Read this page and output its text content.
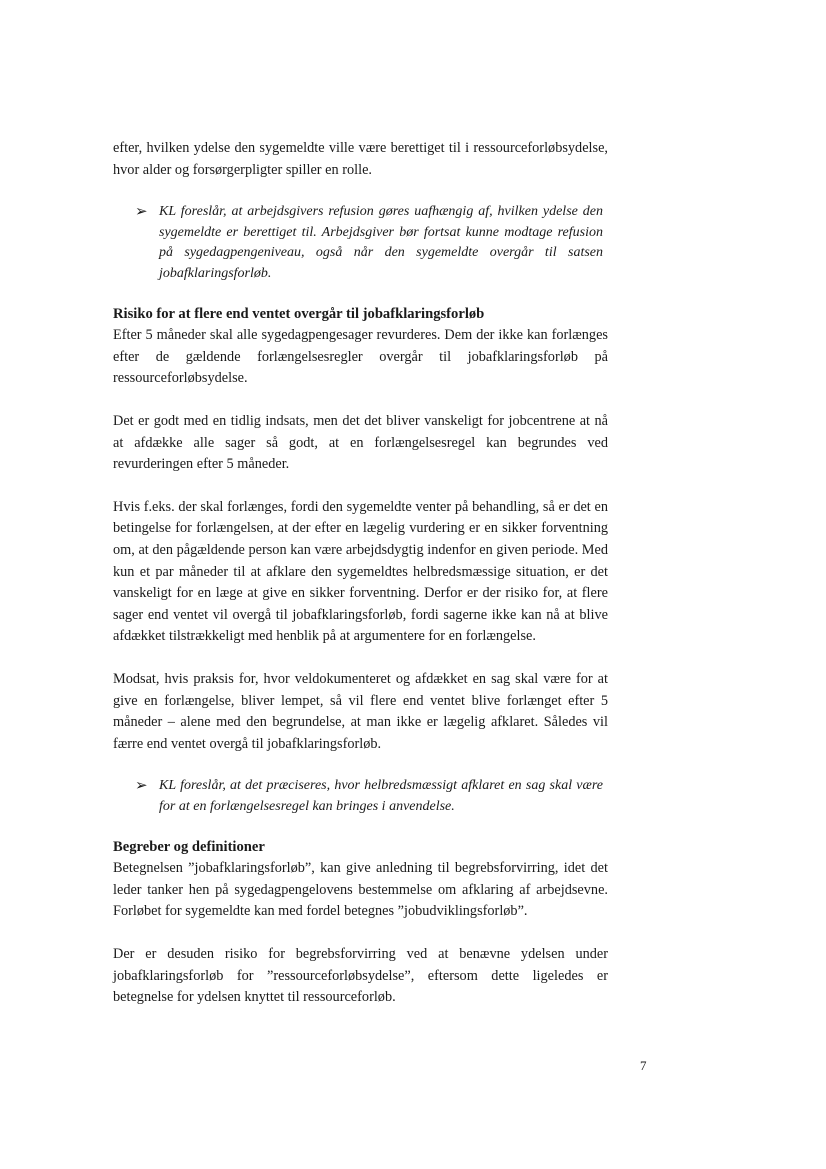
efter, hvilken ydelse den sygemeldte ville være berettiget til i ressourceforløbsydelse, hvor alder og forsørgerpligter spiller en rolle.

➢ KL foreslår, at arbejdsgivers refusion gøres uafhængig af, hvilken ydelse den sygemeldte er berettiget til. Arbejdsgiver bør fortsat kunne modtage refusion på sygedagpengeniveau, også når den sygemeldte overgår til satsen jobafklaringsforløb.
Risiko for at flere end ventet overgår til jobafklaringsforløb

Efter 5 måneder skal alle sygedagpengesager revurderes. Dem der ikke kan forlænges efter de gældende forlængelsesregler overgår til jobafklaringsforløb på ressourceforløbsydelse.

Det er godt med en tidlig indsats, men det det bliver vanskeligt for jobcentrene at nå at afdække alle sager så godt, at en forlængelsesregel kan begrundes ved revurderingen efter 5 måneder.

Hvis f.eks. der skal forlænges, fordi den sygemeldte venter på behandling, så er det en betingelse for forlængelsen, at der efter en lægelig vurdering er en sikker forventning om, at den pågældende person kan være arbejdsdygtig indenfor en given periode. Med kun et par måneder til at afklare den sygemeldtes helbredsmæssige situation, er det vanskeligt for en læge at give en sikker forventning. Derfor er der risiko for, at flere sager end ventet vil overgå til jobafklaringsforløb, fordi sagerne ikke kan nå at blive afdækket tilstrækkeligt med henblik på at argumentere for en forlængelse.

Modsat, hvis praksis for, hvor veldokumenteret og afdækket en sag skal være for at give en forlængelse, bliver lempet, så vil flere end ventet blive forlænget efter 5 måneder – alene med den begrundelse, at man ikke er lægelig afklaret. Således vil færre end ventet overgå til jobafklaringsforløb.

➢ KL foreslår, at det præciseres, hvor helbredsmæssigt afklaret en sag skal være for at en forlængelsesregel kan bringes i anvendelse.
Begreber og definitioner

Betegnelsen ”jobafklaringsforløb”, kan give anledning til begrebsforvirring, idet det leder tanker hen på sygedagpengelovens bestemmelse om afklaring af arbejdsevne. Forløbet for sygemeldte kan med fordel betegnes ”jobudviklingsforløb”.

Der er desuden risiko for begrebsforvirring ved at benævne ydelsen under jobafklaringsforløb for ”ressourceforløbsydelse”, eftersom dette ligeledes er betegnelse for ydelsen knyttet til ressourceforløb.

7
